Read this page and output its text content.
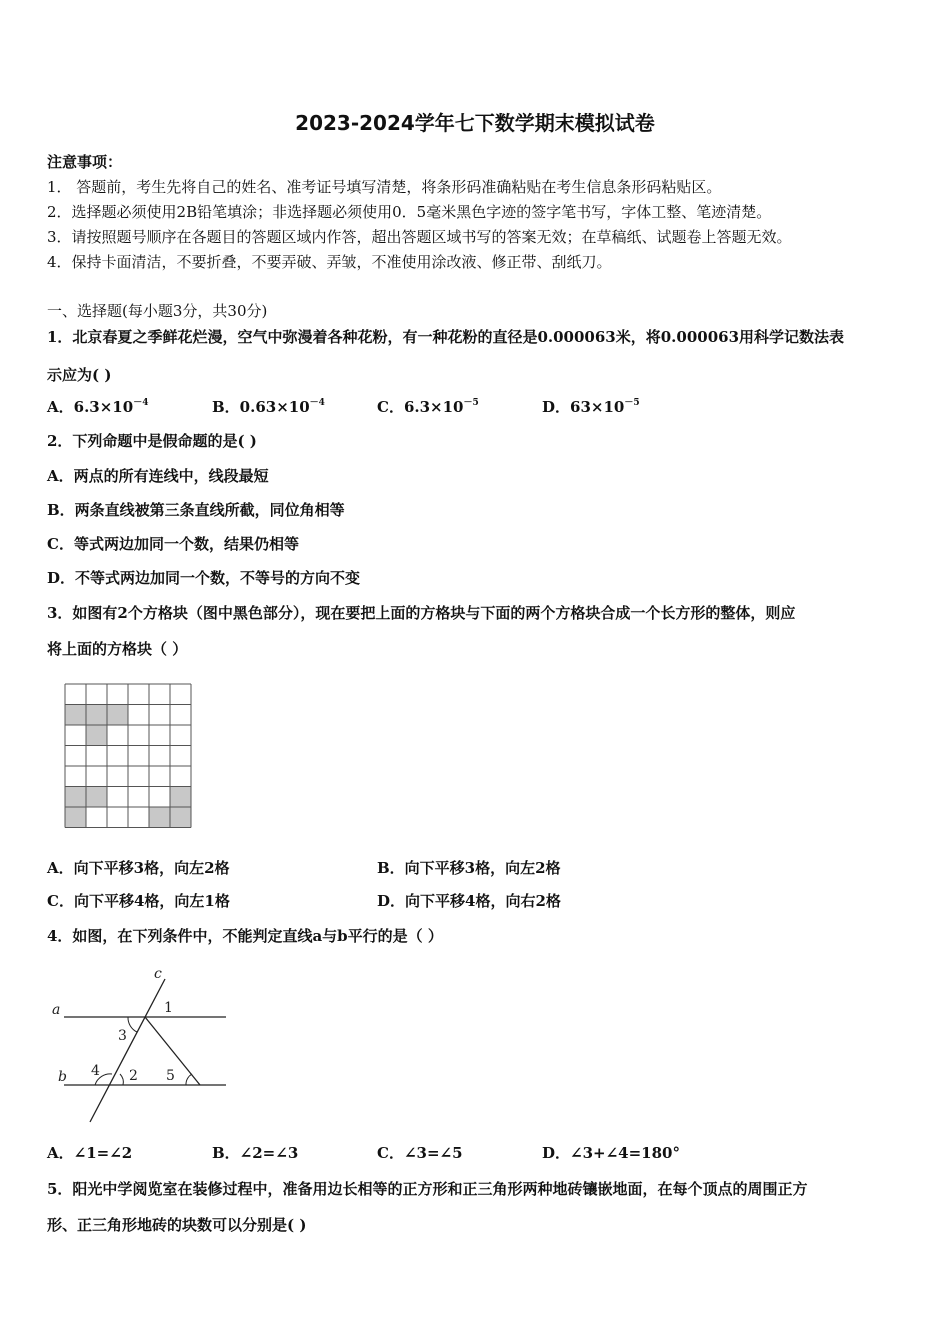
2023-2024学年七下数学期末模拟试卷
注意事项：
1． 答题前，考生先将自己的姓名、准考证号填写清楚，将条形码准确粘贴在考生信息条形码粘贴区。
2．选择题必须使用2B铅笔填涂；非选择题必须使用0．5毫米黑色字迹的签字笔书写，字体工整、笔迹清楚。
3．请按照题号顺序在各题目的答题区域内作答，超出答题区域书写的答案无效；在草稿纸、试题卷上答题无效。
4．保持卡面清洁，不要折叠，不要弄破、弄皱，不准使用涂改液、修正带、刮纸刀。
一、选择题(每小题3分，共30分)
1．北京春夏之季鲜花烂漫，空气中弥漫着各种花粉，有一种花粉的直径是0.000063米，将0.000063用科学记数法表
示应为( )
A．$6.3\times 10^{-4}$	B．$0.63\times 10^{-4}$	C．$6.3\times 10^{-5}$	D．$63\times 10^{-5}$
2．下列命题中是假命题的是( )
A．两点的所有连线中，线段最短
B．两条直线被第三条直线所截，同位角相等
C．等式两边加同一个数，结果仍相等
D．不等式两边加同一个数，不等号的方向不变
3．如图有2个方格块（图中黑色部分），现在要把上面的方格块与下面的两个方格块合成一个长方形的整体，则应
将上面的方格块（ ）
A．向下平移3格，向左2格	B．向下平移3格，向左2格
C．向下平移4格，向左1格	D．向下平移4格，向右2格
4．如图，在下列条件中，不能判定直线a与b平行的是（ ）
c
a
b
1
3
4 2 5
A．∠1=∠2	B．∠2=∠3	C．∠3=∠5	D．∠3+∠4=180°
5．阳光中学阅览室在装修过程中，准备用边长相等的正方形和正三角形两种地砖镶嵌地面，在每个顶点的周围正方
形、正三角形地砖的块数可以分别是( )
